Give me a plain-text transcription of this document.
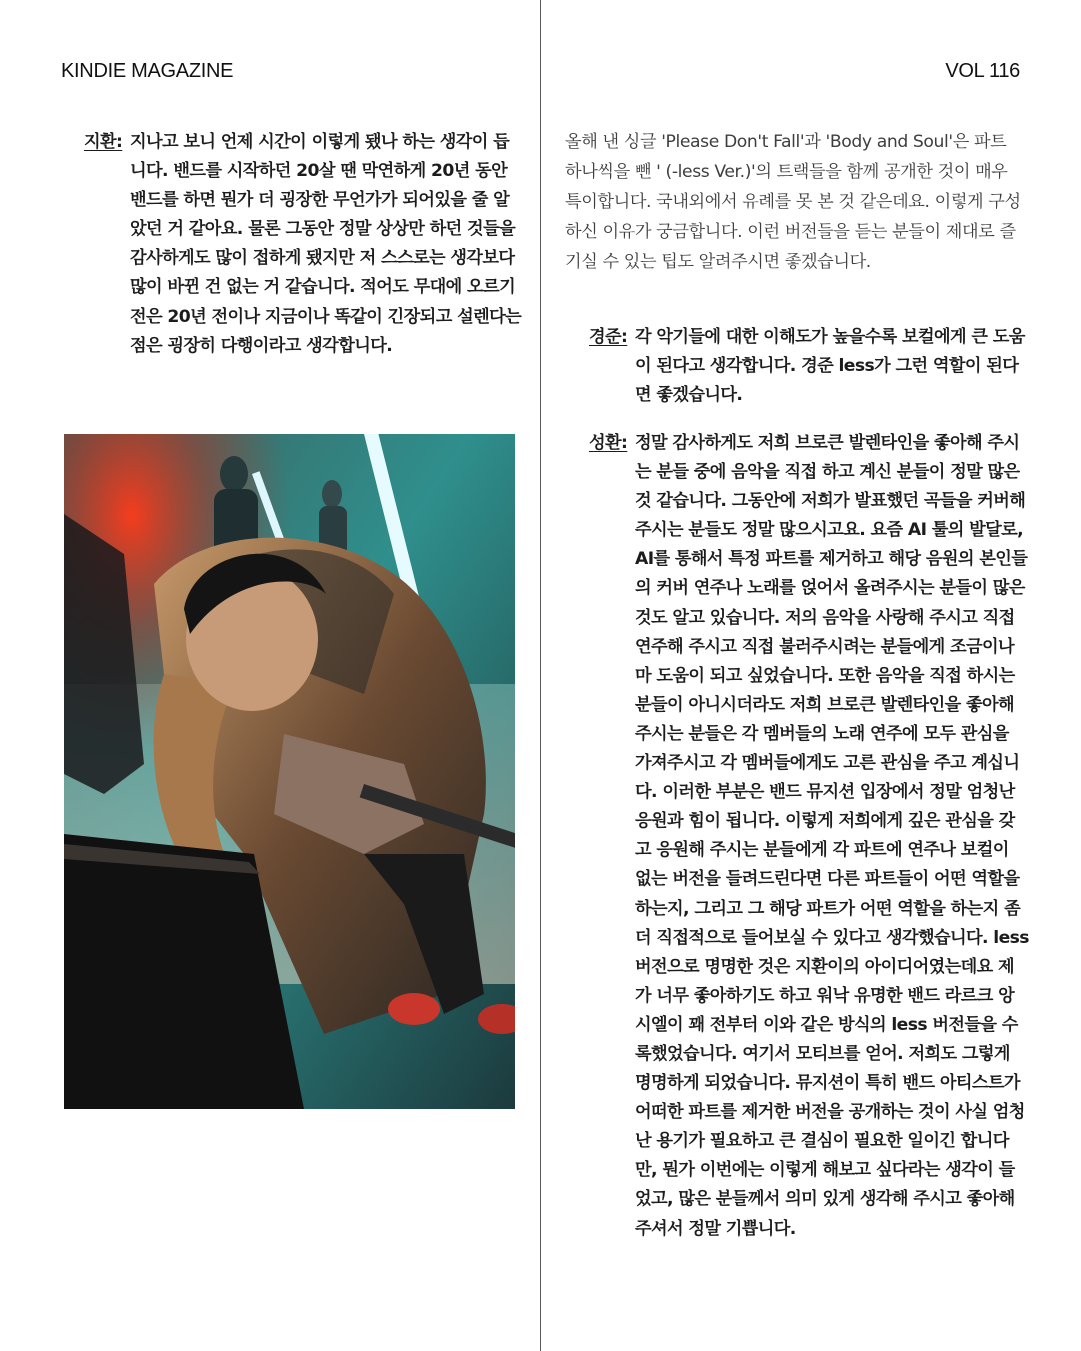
KINDIE MAGAZINE	VOL 116
지환: 지나고 보니 언제 시간이 이렇게 됐나 하는 생각이 듭니다. 밴드를 시작하던 20살 땐 막연하게 20년 동안 밴드를 하면 뭔가 더 굉장한 무언가가 되어있을 줄 알았던 거 같아요. 물론 그동안 정말 상상만 하던 것들을 감사하게도 많이 접하게 됐지만 저 스스로는 생각보다 많이 바뀐 건 없는 거 같습니다. 적어도 무대에 오르기 전은 20년 전이나 지금이나 똑같이 긴장되고 설렌다는 점은 굉장히 다행이라고 생각합니다.
올해 낸 싱글 'Please Don't Fall'과 'Body and Soul'은 파트 하나씩을 뺀 ' (-less Ver.)'의 트랙들을 함께 공개한 것이 매우 특이합니다. 국내외에서 유례를 못 본 것 같은데요. 이렇게 구성하신 이유가 궁금합니다. 이런 버전들을 듣는 분들이 제대로 즐기실 수 있는 팁도 알려주시면 좋겠습니다.
경준: 각 악기들에 대한 이해도가 높을수록 보컬에게 큰 도움이 된다고 생각합니다. 경준 less가 그런 역할이 된다면 좋겠습니다.
성환: 정말 감사하게도 저희 브로큰 발렌타인을 좋아해 주시는 분들 중에 음악을 직접 하고 계신 분들이 정말 많은 것 같습니다. 그동안에 저희가 발표했던 곡들을 커버해 주시는 분들도 정말 많으시고요. 요즘 AI 툴의 발달로, AI를 통해서 특정 파트를 제거하고 해당 음원의 본인들의 커버 연주나 노래를 얹어서 올려주시는 분들이 많은 것도 알고 있습니다. 저의 음악을 사랑해 주시고 직접 연주해 주시고 직접 불러주시려는 분들에게 조금이나마 도움이 되고 싶었습니다. 또한 음악을 직접 하시는 분들이 아니시더라도 저희 브로큰 발렌타인을 좋아해 주시는 분들은 각 멤버들의 노래 연주에 모두 관심을 가져주시고 각 멤버들에게도 고른 관심을 주고 계십니다. 이러한 부분은 밴드 뮤지션 입장에서 정말 엄청난 응원과 힘이 됩니다. 이렇게 저희에게 깊은 관심을 갖고 응원해 주시는 분들에게 각 파트에 연주나 보컬이 없는 버전을 들려드린다면 다른 파트들이 어떤 역할을 하는지, 그리고 그 해당 파트가 어떤 역할을 하는지 좀 더 직접적으로 들어보실 수 있다고 생각했습니다. less 버전으로 명명한 것은 지환이의 아이디어였는데요 제가 너무 좋아하기도 하고 워낙 유명한 밴드 라르크 앙 시엘이 꽤 전부터 이와 같은 방식의 less 버전들을 수록했었습니다. 여기서 모티브를 얻어. 저희도 그렇게 명명하게 되었습니다. 뮤지션이 특히 밴드 아티스트가 어떠한 파트를 제거한 버전을 공개하는 것이 사실 엄청난 용기가 필요하고 큰 결심이 필요한 일이긴 합니다만, 뭔가 이번에는 이렇게 해보고 싶다라는 생각이 들었고, 많은 분들께서 의미 있게 생각해 주시고 좋아해 주셔서 정말 기쁩니다.
